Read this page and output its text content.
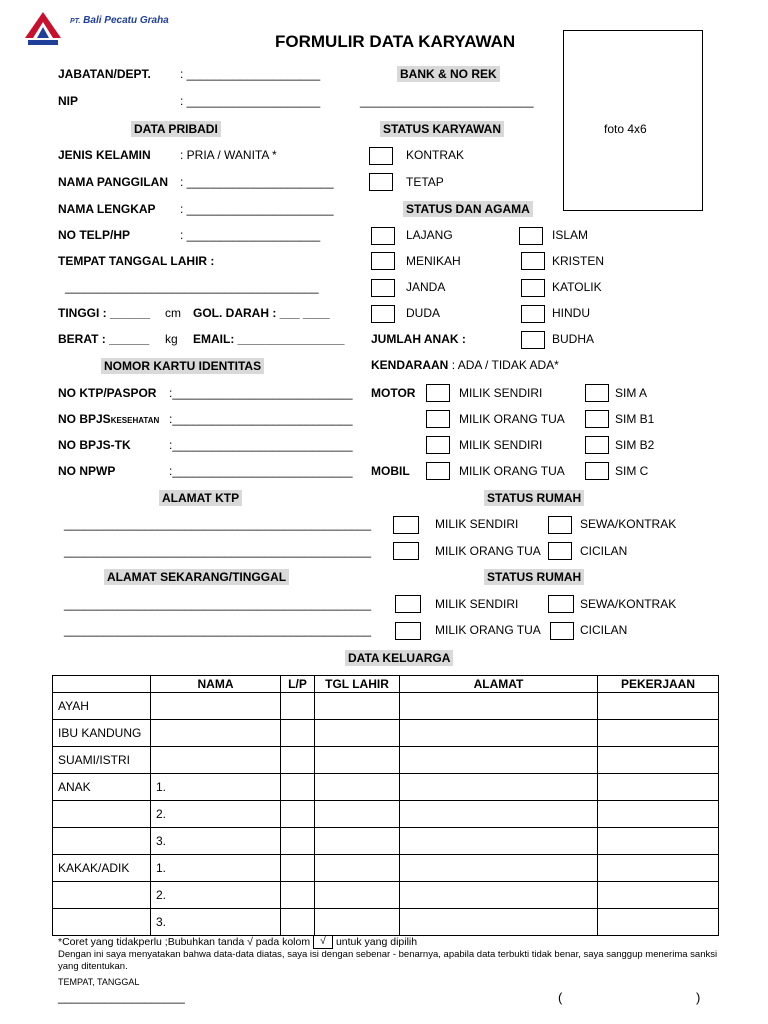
PT. Bali Pecatu Graha
FORMULIR DATA KARYAWAN
foto 4x6
JABATAN/DEPT. : ____________________
NIP	: ____________________
DATA PRIBADI
JENIS KELAMIN : PRIA / WANITA *
NAMA PANGGILAN : ______________________
NAMA LENGKAP : ______________________
NO TELP/HP	: ____________________
TEMPAT TANGGAL LAHIR :
______________________________________
TINGGI : ______ cm GOL. DARAH : ___ ____
BERAT : ______ kg EMAIL: ________________
BANK & NO REK
__________________________
STATUS KARYAWAN
KONTRAK
TETAP
STATUS DAN AGAMA
LAJANG
MENIKAH
JANDA
DUDA
JUMLAH ANAK :
ISLAM
KRISTEN
KATOLIK
HINDU
BUDHA
NOMOR KARTU IDENTITAS
NO KTP/PASPOR :___________________________
NO BPJSKESEHATAN :___________________________
NO BPJS-TK	:___________________________
NO NPWP	:___________________________
KENDARAAN : ADA / TIDAK ADA*
MOTOR
MOBIL
MILIK SENDIRI
MILIK ORANG TUA
MILIK SENDIRI
MILIK ORANG TUA
SIM A
SIM B1
SIM B2
SIM C
ALAMAT KTP
______________________________________________
______________________________________________
STATUS RUMAH
MILIK SENDIRI
MILIK ORANG TUA
SEWA/KONTRAK
CICILAN
ALAMAT SEKARANG/TINGGAL
______________________________________________
______________________________________________
STATUS RUMAH
MILIK SENDIRI
MILIK ORANG TUA
SEWA/KONTRAK
CICILAN
DATA KELUARGA
	NAMA	L/P	TGL LAHIR	ALAMAT	PEKERJAAN
AYAH					
IBU KANDUNG					
SUAMI/ISTRI					
ANAK	1.				
	2.				
	3.				
KAKAK/ADIK	1.				
	2.				
	3.				
*Coret yang tidakperlu ;Bubuhkan tanda √ pada kolom √ untuk yang dipilih
Dengan ini saya menyatakan bahwa data-data diatas, saya isi dengan sebenar - benarnya, apabila data terbukti tidak benar, saya sanggup menerima sanksi yang ditentukan.
TEMPAT, TANGGAL
___________________	(	)
